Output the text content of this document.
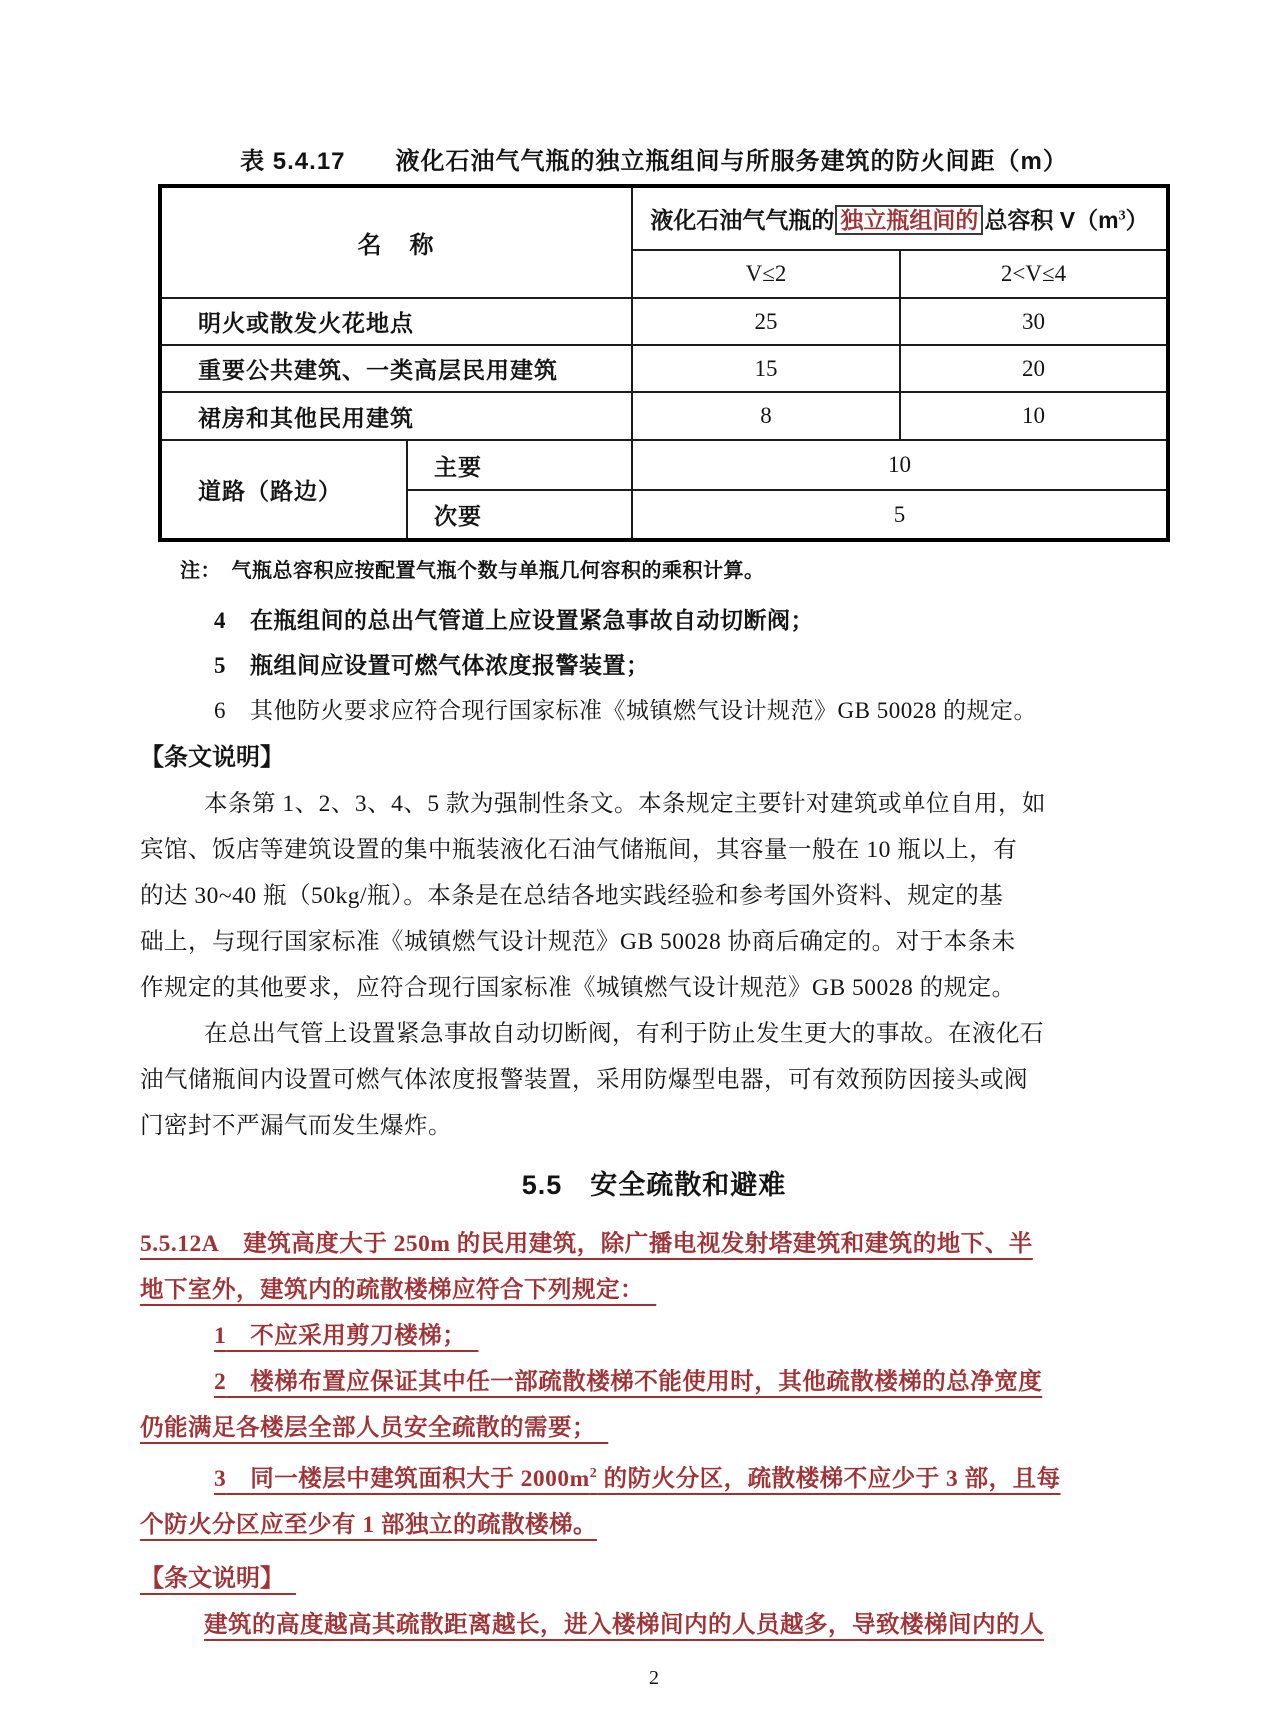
表 5.4.17　　液化石油气气瓶的独立瓶组间与所服务建筑的防火间距（m）
名　称		液化石油气气瓶的 独立瓶组间的 总容积 $V(m^3)$	
		V≤2	2<V≤4
明火或散发火花地点		25	30
重要公共建筑、一类高层民用建筑		15	20
裙房和其他民用建筑		8	10
道路（路边）	主要	10	
	次要	5	
注：　气瓶总容积应按配置气瓶个数与单瓶几何容积的乘积计算。
4 在瓶组间的总出气管道上应设置紧急事故自动切断阀；
5 瓶组间应设置可燃气体浓度报警装置；
6 其他防火要求应符合现行国家标准《城镇燃气设计规范》GB 50028 的规定。
【条文说明】
本条第 1、2、3、4、5 款为强制性条文。本条规定主要针对建筑或单位自用，如
宾馆、饭店等建筑设置的集中瓶装液化石油气储瓶间，其容量一般在 10 瓶以上，有
的达 30~40 瓶（50kg/瓶）。本条是在总结各地实践经验和参考国外资料、规定的基
础上，与现行国家标准《城镇燃气设计规范》GB 50028 协商后确定的。对于本条未
作规定的其他要求，应符合现行国家标准《城镇燃气设计规范》GB 50028 的规定。
在总出气管上设置紧急事故自动切断阀，有利于防止发生更大的事故。在液化石
油气储瓶间内设置可燃气体浓度报警装置，采用防爆型电器，可有效预防因接头或阀
门密封不严漏气而发生爆炸。
5.5　安全疏散和避难
5.5.12A　建筑高度大于 250m 的民用建筑，除广播电视发射塔建筑和建筑的地下、半
地下室外，建筑内的疏散楼梯应符合下列规定：　
1　不应采用剪刀楼梯；　
2　楼梯布置应保证其中任一部疏散楼梯不能使用时，其他疏散楼梯的总净宽度
仍能满足各楼层全部人员安全疏散的需要；　
3　同一楼层中建筑面积大于 $2000m^2$ 的防火分区，疏散楼梯不应少于 3 部，且每
个防火分区应至少有 1 部独立的疏散楼梯。
【条文说明】　
建筑的高度越高其疏散距离越长，进入楼梯间内的人员越多，导致楼梯间内的人
2
